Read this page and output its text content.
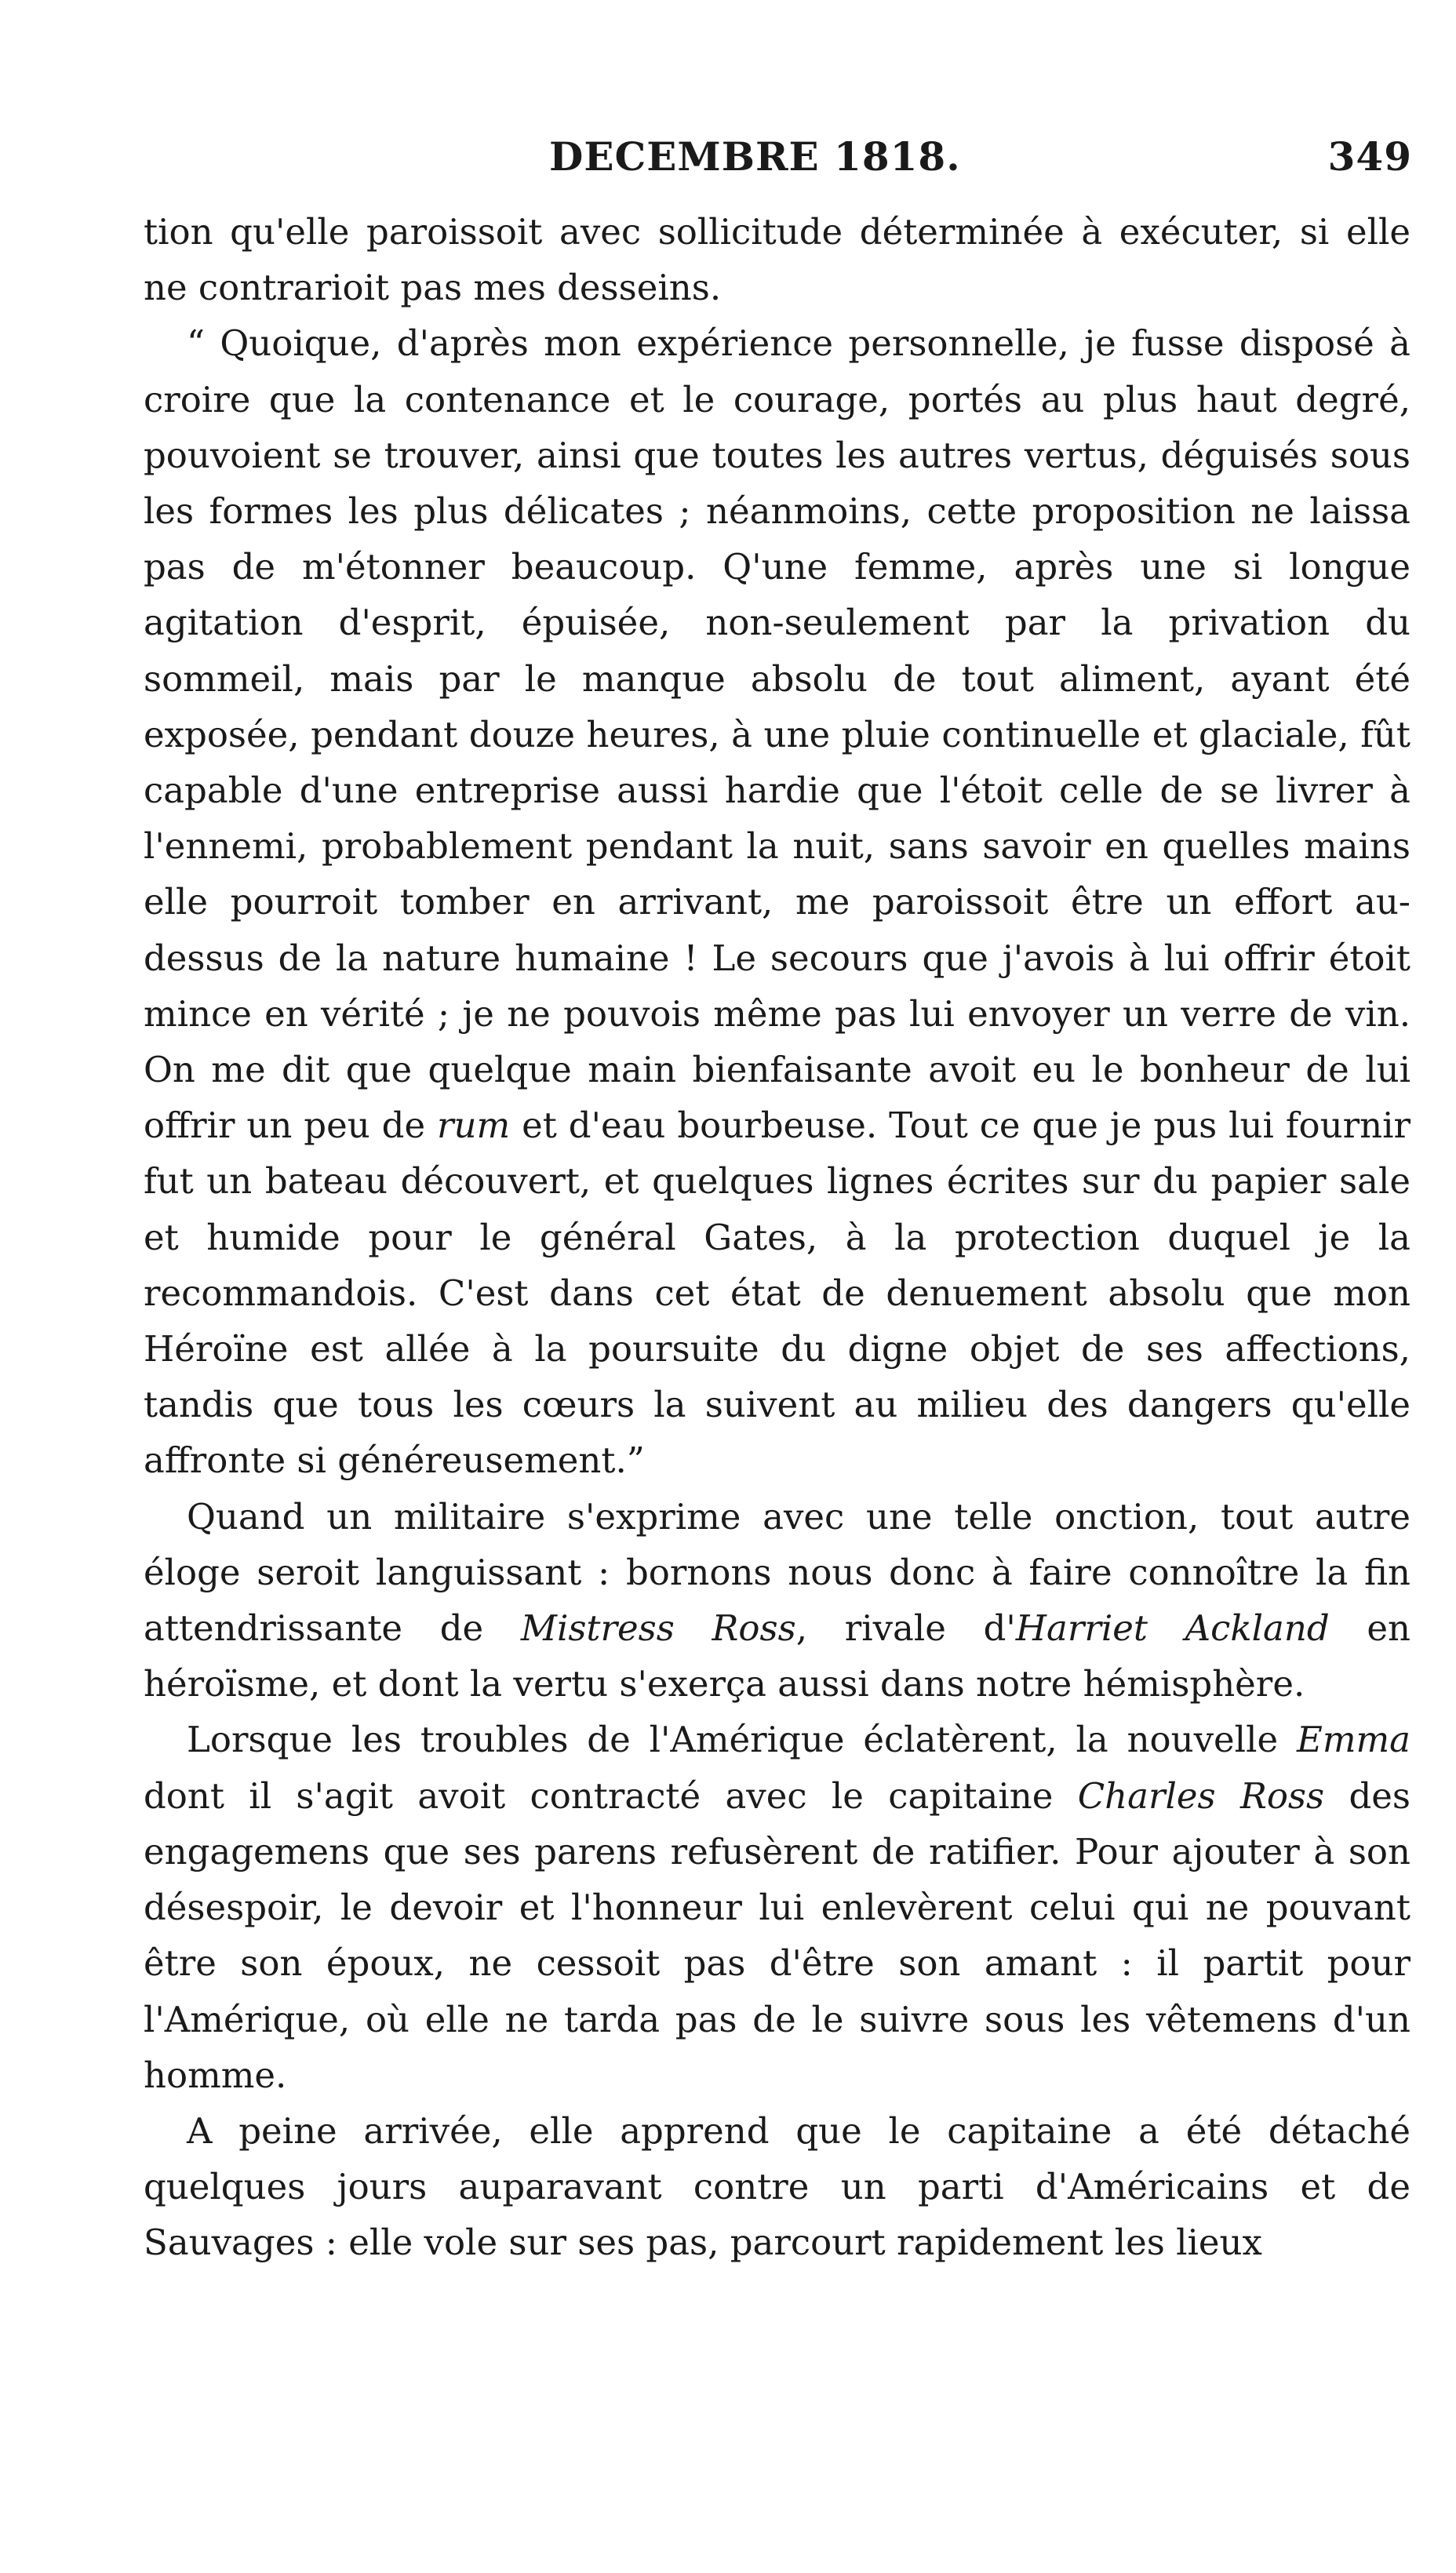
DECEMBRE 1818.	349

tion qu'elle paroissoit avec sollicitude déterminée à exécuter, si elle ne contrarioit pas mes desseins.

“ Quoique, d'après mon expérience personnelle, je fusse disposé à croire que la contenance et le courage, portés au plus haut degré, pouvoient se trouver, ainsi que toutes les autres vertus, déguisés sous les formes les plus délicates ; néanmoins, cette proposition ne laissa pas de m'étonner beaucoup. Q'une femme, après une si longue agitation d'esprit, épuisée, non-seulement par la privation du sommeil, mais par le manque absolu de tout aliment, ayant été exposée, pendant douze heures, à une pluie continuelle et glaciale, fût capable d'une entreprise aussi hardie que l'étoit celle de se livrer à l'ennemi, probablement pendant la nuit, sans savoir en quelles mains elle pourroit tomber en arrivant, me paroissoit être un effort au-dessus de la nature humaine ! Le secours que j'avois à lui offrir étoit mince en vérité ; je ne pouvois même pas lui envoyer un verre de vin. On me dit que quelque main bienfaisante avoit eu le bonheur de lui offrir un peu de rum et d'eau bourbeuse. Tout ce que je pus lui fournir fut un bateau découvert, et quelques lignes écrites sur du papier sale et humide pour le général Gates, à la protection duquel je la recommandois. C'est dans cet état de denuement absolu que mon Héroïne est allée à la poursuite du digne objet de ses affections, tandis que tous les cœurs la suivent au milieu des dangers qu'elle affronte si généreusement.”

Quand un militaire s'exprime avec une telle onction, tout autre éloge seroit languissant : bornons nous donc à faire connoître la fin attendrissante de Mistress Ross, rivale d'Harriet Ackland en héroïsme, et dont la vertu s'exerça aussi dans notre hémisphère.

Lorsque les troubles de l'Amérique éclatèrent, la nouvelle Emma dont il s'agit avoit contracté avec le capitaine Charles Ross des engagemens que ses parens refusèrent de ratifier. Pour ajouter à son désespoir, le devoir et l'honneur lui enlevèrent celui qui ne pouvant être son époux, ne cessoit pas d'être son amant : il partit pour l'Amérique, où elle ne tarda pas de le suivre sous les vêtemens d'un homme.

A peine arrivée, elle apprend que le capitaine a été détaché quelques jours auparavant contre un parti d'Américains et de Sauvages : elle vole sur ses pas, parcourt rapidement les lieux
